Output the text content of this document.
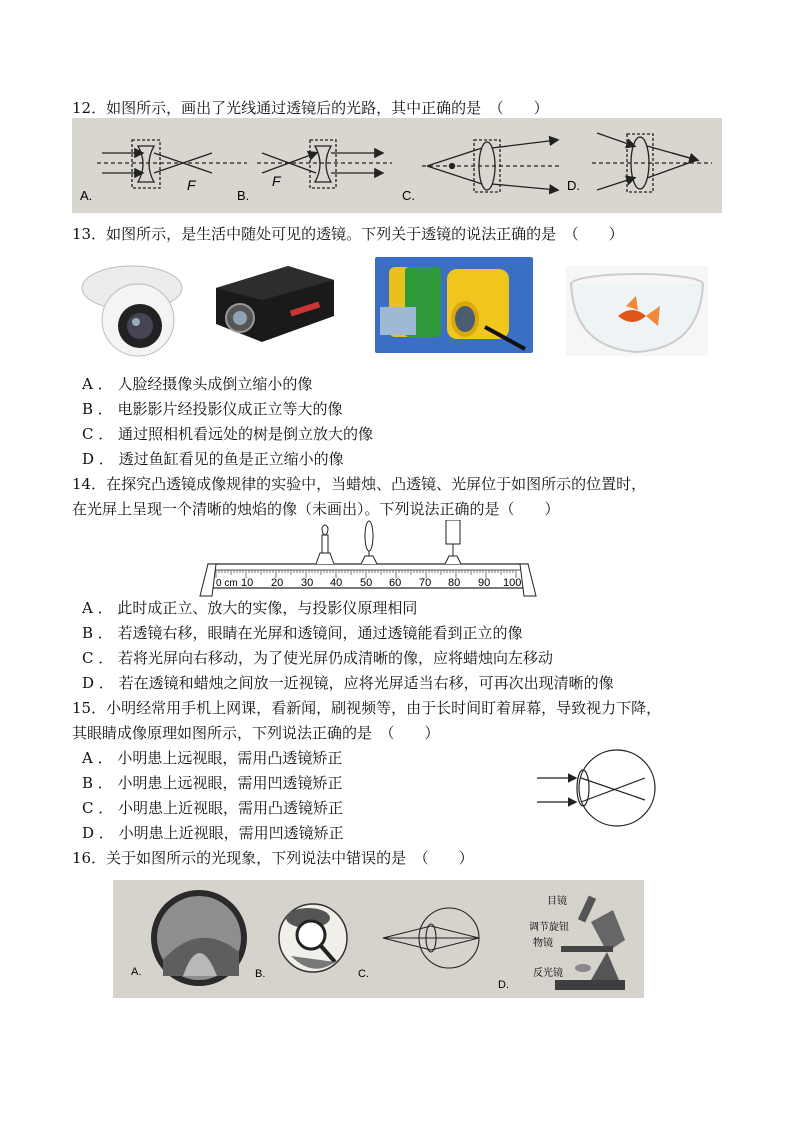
12．如图所示，画出了光线通过透镜后的光路，其中正确的是　（　　）
F
A.
F
B.	C.
D.
13．如图所示，是生活中随处可见的透镜。下列关于透镜的说法正确的是　（　　）
A ． 人脸经摄像头成倒立缩小的像
B ． 电影影片经投影仪成正立等大的像
C ． 通过照相机看远处的树是倒立放大的像
D ． 透过鱼缸看见的鱼是正立缩小的像
14．在探究凸透镜成像规律的实验中，当蜡烛、凸透镜、光屏位于如图所示的位置时，
在光屏上呈现一个清晰的烛焰的像（未画出）。下列说法正确的是（　　）
0 cm 10 20 30 40 50 60 70 80 90 100
A ． 此时成正立、放大的实像，与投影仪原理相同
B ． 若透镜右移，眼睛在光屏和透镜间，通过透镜能看到正立的像
C ． 若将光屏向右移动，为了使光屏仍成清晰的像，应将蜡烛向左移动
D ． 若在透镜和蜡烛之间放一近视镜，应将光屏适当右移，可再次出现清晰的像
15．小明经常用手机上网课，看新闻，刷视频等，由于长时间盯着屏幕，导致视力下降，
其眼睛成像原理如图所示，下列说法正确的是　（　　）
A ． 小明患上远视眼，需用凸透镜矫正
B ． 小明患上远视眼，需用凹透镜矫正
C ． 小明患上近视眼，需用凸透镜矫正
D ． 小明患上近视眼，需用凹透镜矫正
16．关于如图所示的光现象，下列说法中错误的是　（　　）
A.	B.	C.
D.
目镜
调节旋钮
物镜
反光镜
